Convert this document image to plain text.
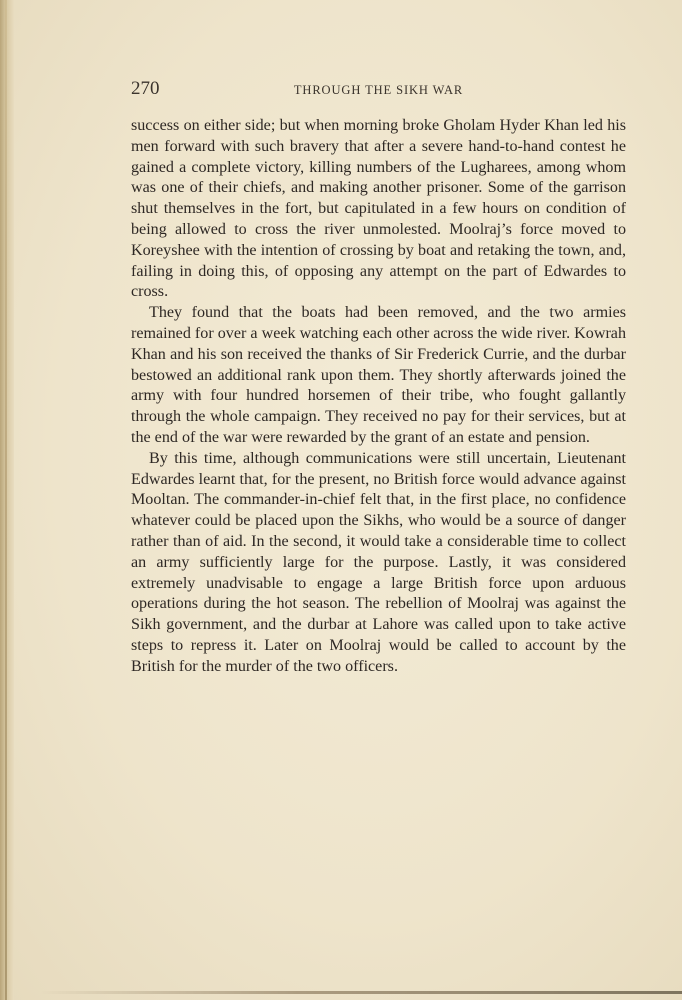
270	THROUGH THE SIKH WAR

success on either side; but when morning broke Gholam Hyder Khan led his men forward with such bravery that after a severe hand-to-hand contest he gained a complete victory, killing numbers of the Lugharees, among whom was one of their chiefs, and making another prisoner. Some of the garrison shut themselves in the fort, but capitulated in a few hours on condition of being allowed to cross the river unmolested. Moolraj’s force moved to Koreyshee with the intention of crossing by boat and retaking the town, and, failing in doing this, of opposing any attempt on the part of Edwardes to cross.

They found that the boats had been removed, and the two armies remained for over a week watching each other across the wide river. Kowrah Khan and his son received the thanks of Sir Frederick Currie, and the durbar bestowed an additional rank upon them. They shortly afterwards joined the army with four hundred horsemen of their tribe, who fought gallantly through the whole campaign. They received no pay for their services, but at the end of the war were rewarded by the grant of an estate and pension.

By this time, although communications were still uncertain, Lieutenant Edwardes learnt that, for the present, no British force would advance against Mooltan. The commander-in-chief felt that, in the first place, no confidence whatever could be placed upon the Sikhs, who would be a source of danger rather than of aid. In the second, it would take a considerable time to collect an army sufficiently large for the purpose. Lastly, it was considered extremely unadvisable to engage a large British force upon arduous operations during the hot season. The rebellion of Moolraj was against the Sikh government, and the durbar at Lahore was called upon to take active steps to repress it. Later on Moolraj would be called to account by the British for the murder of the two officers.
